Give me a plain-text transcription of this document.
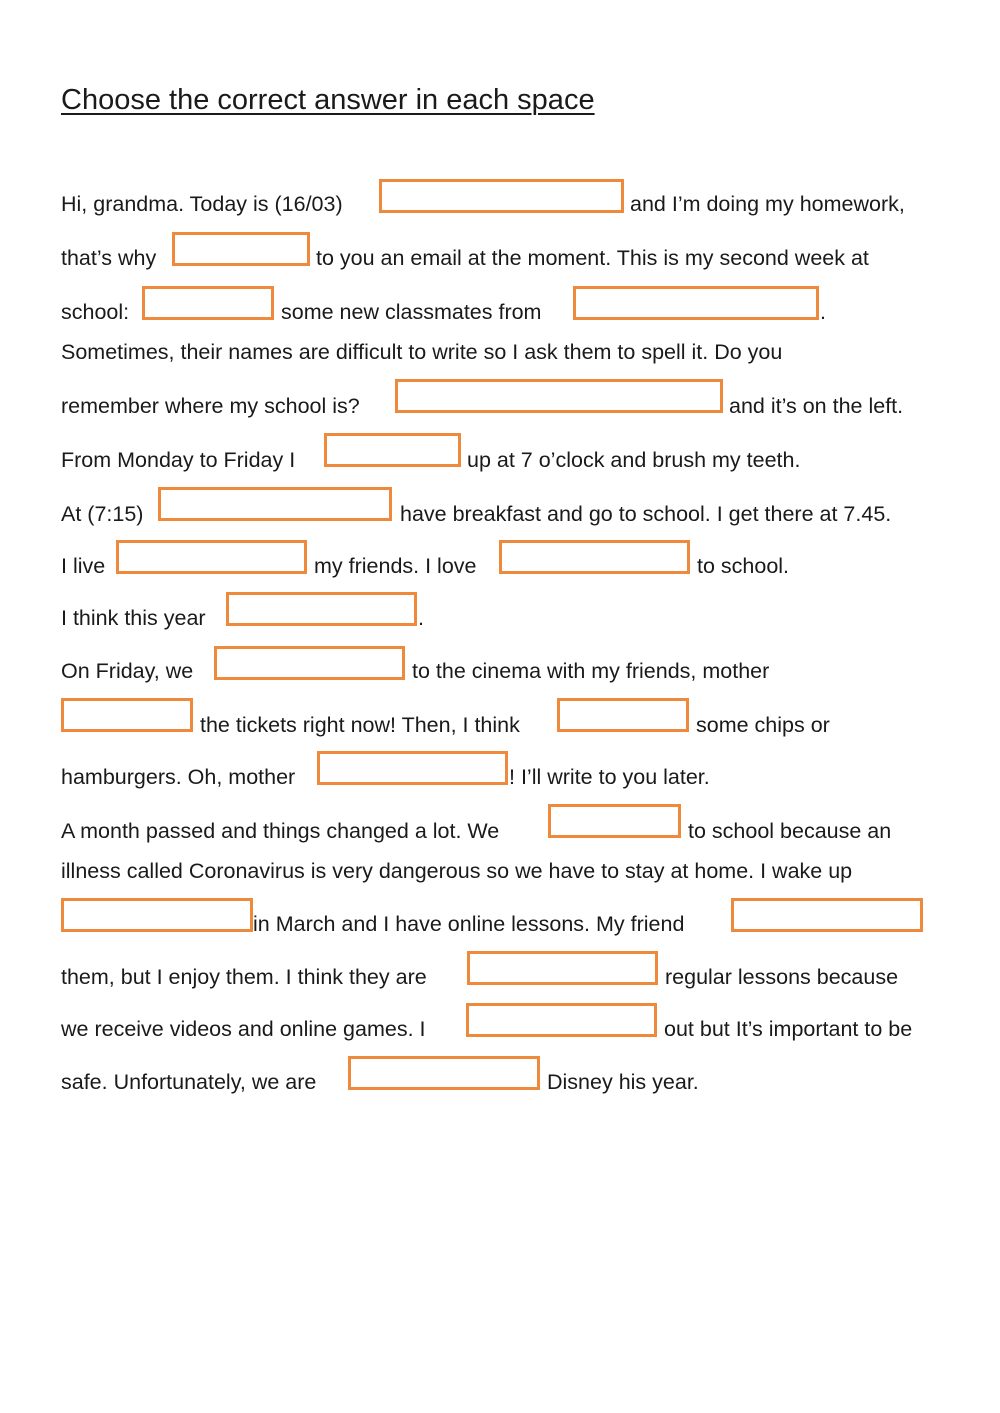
Choose the correct answer in each space
Hi, grandma. Today is (16/03)	and I’m doing my homework,
that’s why	to you an email at the moment. This is my second week at
school:	some new classmates from	.
Sometimes, their names are difficult to write so I ask them to spell it. Do you
remember where my school is?	and it’s on the left.
From Monday to Friday I	up at 7 o’clock and brush my teeth.
At (7:15)	have breakfast and go to school. I get there at 7.45.
I live	my friends. I love	to school.
I think this year	.
On Friday, we	to the cinema with my friends, mother
the tickets right now! Then, I think	some chips or
hamburgers. Oh, mother	! I’ll write to you later.
A month passed and things changed a lot. We	to school because an
illness called Coronavirus is very dangerous so we have to stay at home. I wake up
in March and I have online lessons. My friend
them, but I enjoy them. I think they are	regular lessons because
we receive videos and online games. I	out but It’s important to be
safe. Unfortunately, we are	Disney his year.
